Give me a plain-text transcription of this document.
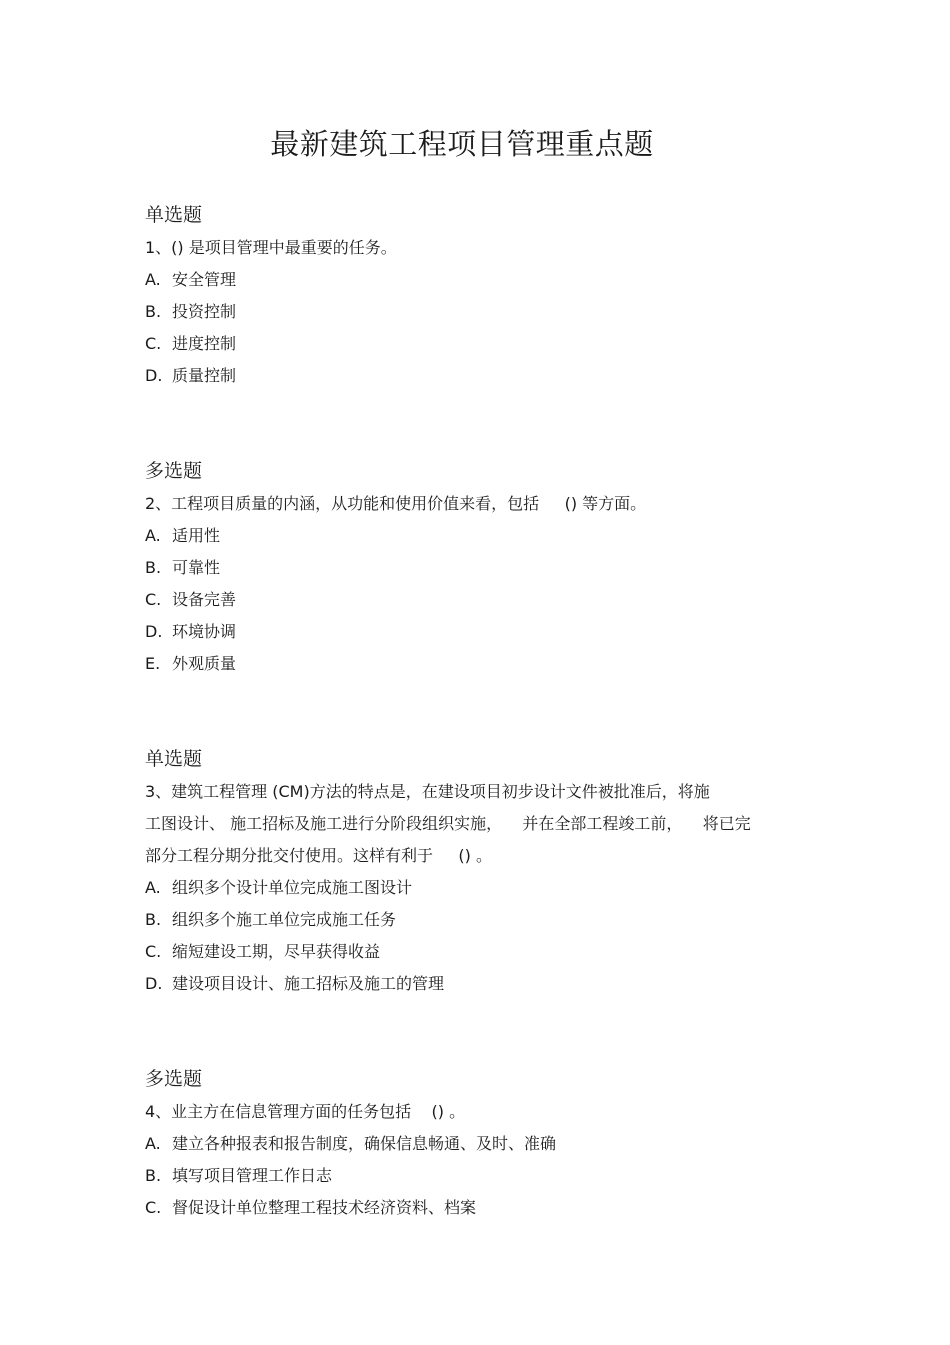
最新建筑工程项目管理重点题
单选题
1、() 是项目管理中最重要的任务。
A. 安全管理
B. 投资控制
C. 进度控制
D. 质量控制
多选题
2、工程项目质量的内涵，从功能和使用价值来看，包括     () 等方面。
A. 适用性
B. 可靠性
C. 设备完善
D. 环境协调
E. 外观质量
单选题
3、建筑工程管理 (CM)方法的特点是，在建设项目初步设计文件被批准后，将施
工图设计、 施工招标及施工进行分阶段组织实施，    并在全部工程竣工前，    将已完
部分工程分期分批交付使用。这样有利于     () 。
A. 组织多个设计单位完成施工图设计
B. 组织多个施工单位完成施工任务
C. 缩短建设工期，尽早获得收益
D. 建设项目设计、施工招标及施工的管理
多选题
4、业主方在信息管理方面的任务包括    () 。
A. 建立各种报表和报告制度，确保信息畅通、及时、准确
B. 填写项目管理工作日志
C. 督促设计单位整理工程技术经济资料、档案
